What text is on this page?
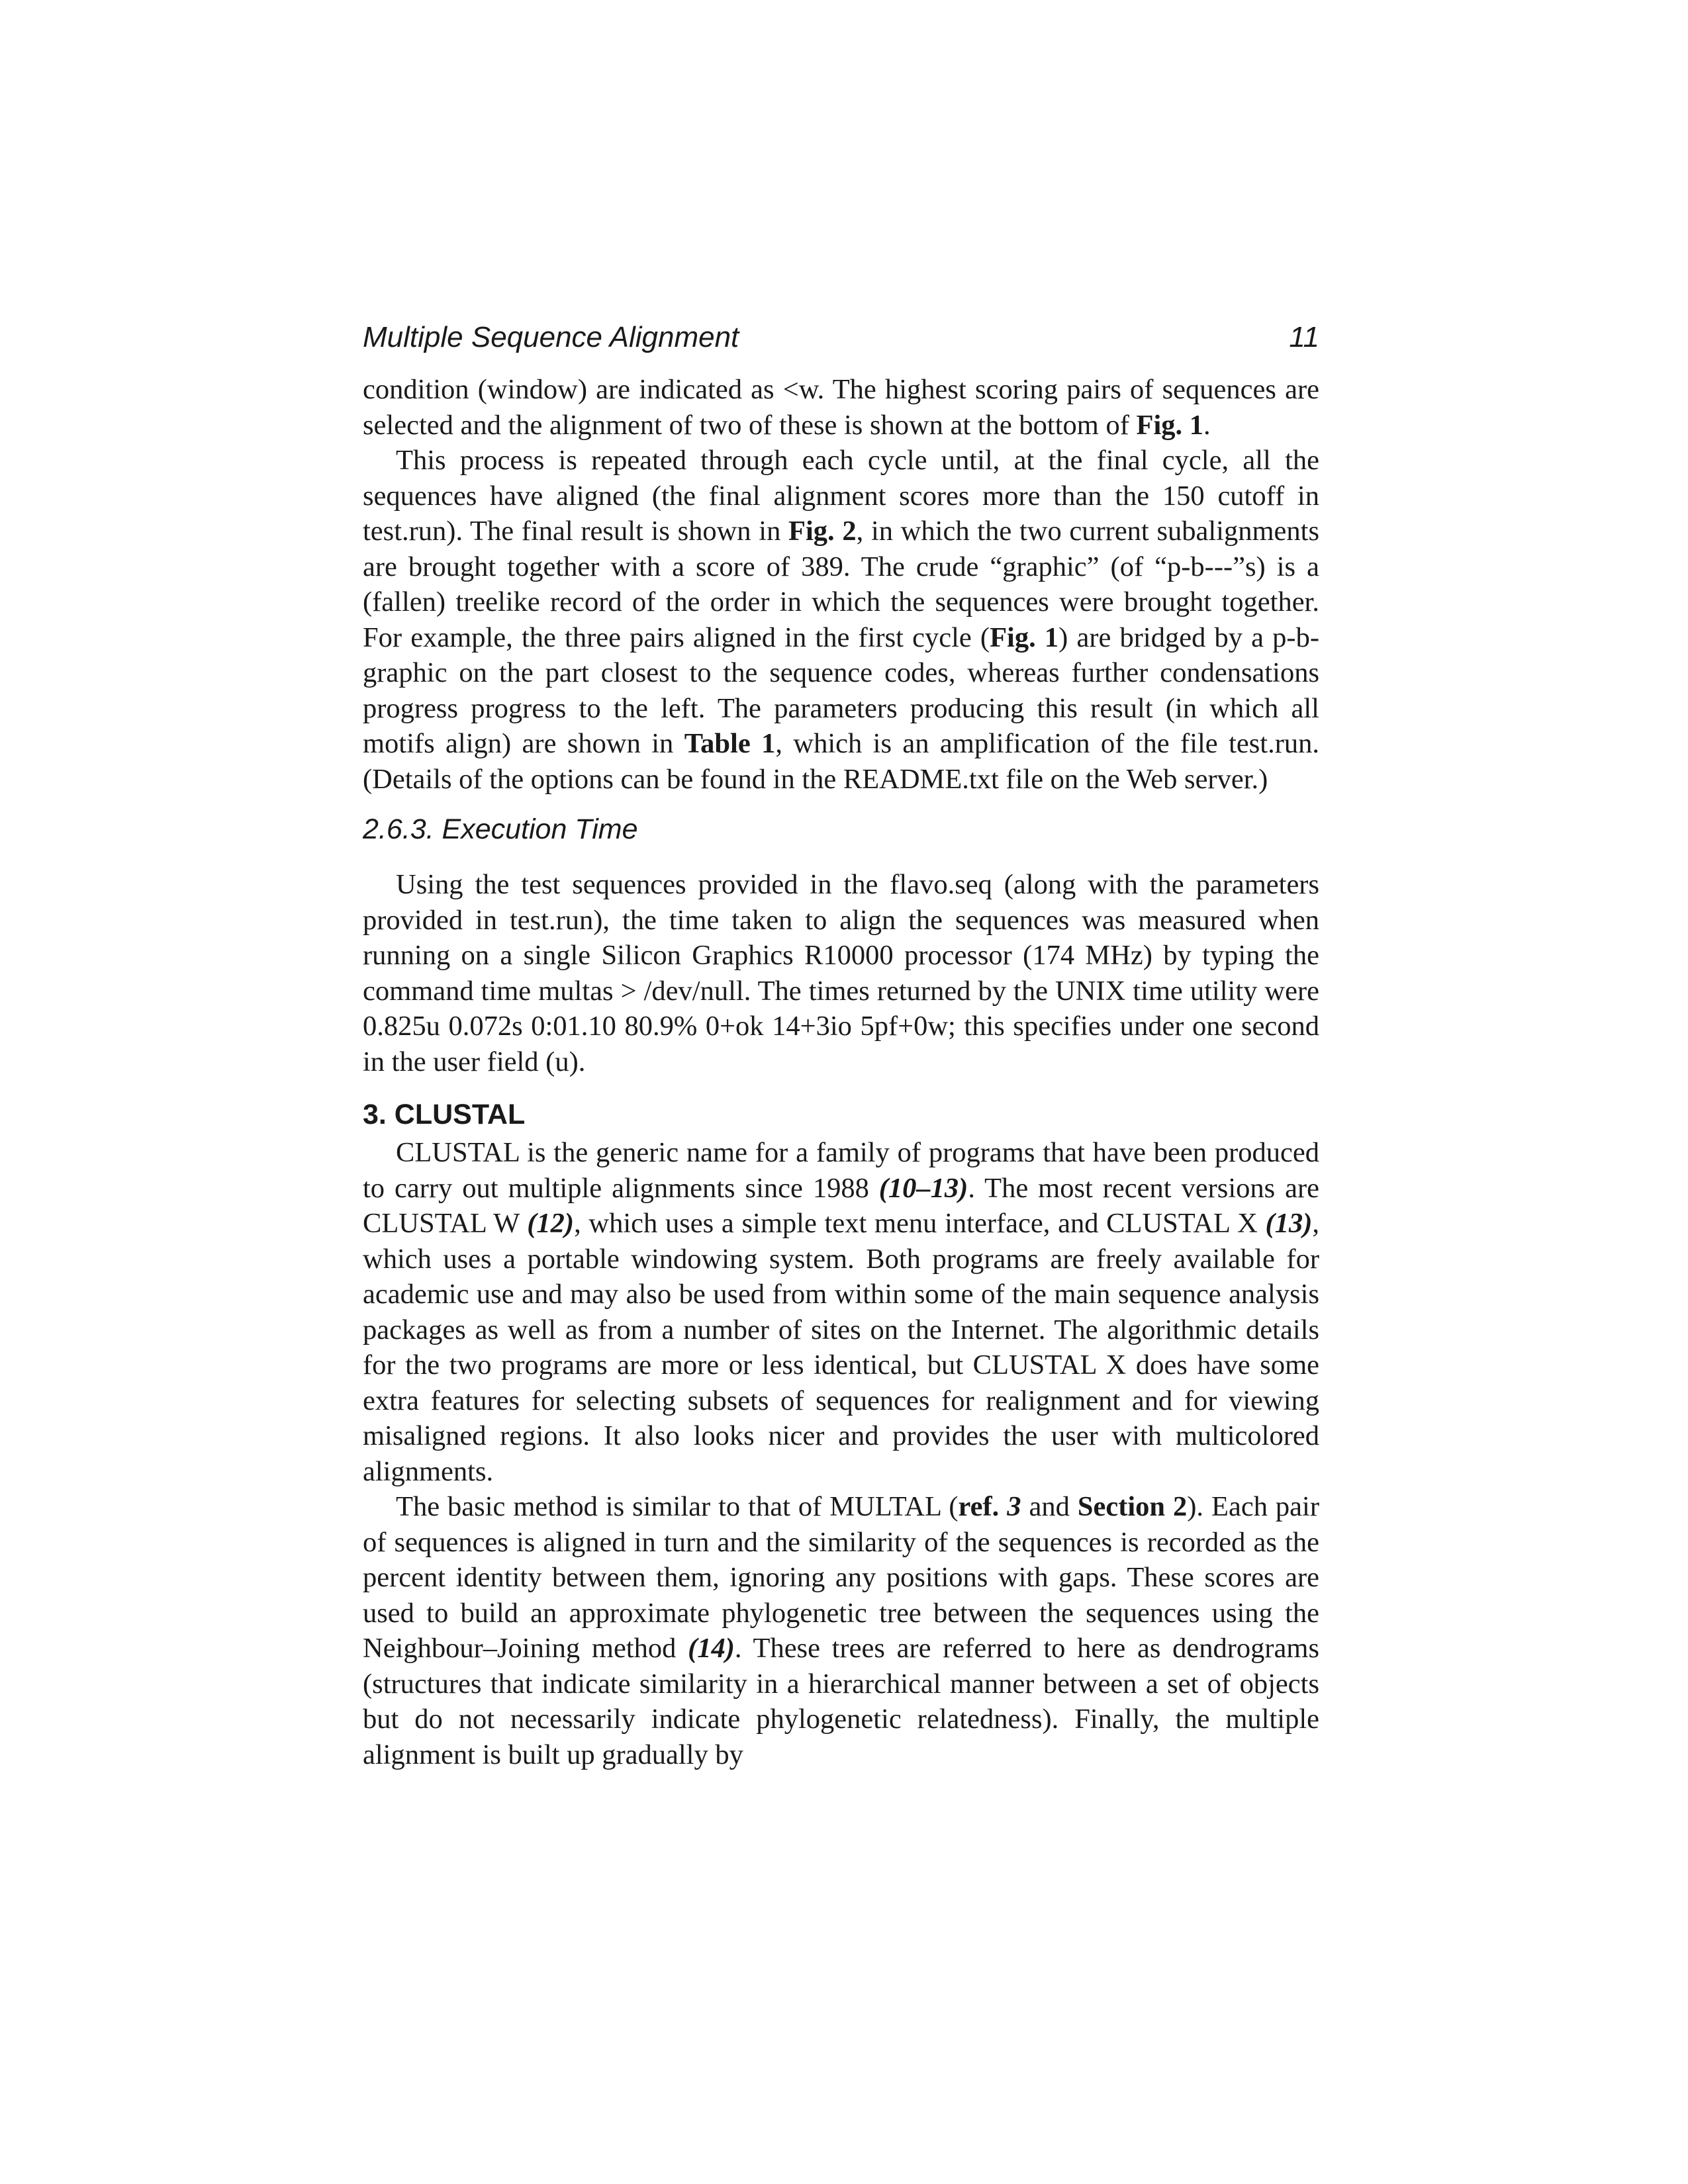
Multiple Sequence Alignment	11

condition (window) are indicated as <w. The highest scoring pairs of sequences are selected and the alignment of two of these is shown at the bottom of Fig. 1.

This process is repeated through each cycle until, at the final cycle, all the sequences have aligned (the final alignment scores more than the 150 cutoff in test.run). The final result is shown in Fig. 2, in which the two current subalignments are brought together with a score of 389. The crude “graphic” (of “p-b---”s) is a (fallen) treelike record of the order in which the sequences were brought together. For example, the three pairs aligned in the first cycle (Fig. 1) are bridged by a p-b- graphic on the part closest to the sequence codes, whereas further condensations progress progress to the left. The parameters producing this result (in which all motifs align) are shown in Table 1, which is an amplification of the file test.run. (Details of the options can be found in the README.txt file on the Web server.)

2.6.3. Execution Time

Using the test sequences provided in the flavo.seq (along with the parameters provided in test.run), the time taken to align the sequences was measured when running on a single Silicon Graphics R10000 processor (174 MHz) by typing the command time multas > /dev/null. The times returned by the UNIX time utility were 0.825u 0.072s 0:01.10 80.9% 0+ok 14+3io 5pf+0w; this specifies under one second in the user field (u).

3. CLUSTAL

CLUSTAL is the generic name for a family of programs that have been produced to carry out multiple alignments since 1988 (10–13). The most recent versions are CLUSTAL W (12), which uses a simple text menu interface, and CLUSTAL X (13), which uses a portable windowing system. Both programs are freely available for academic use and may also be used from within some of the main sequence analysis packages as well as from a number of sites on the Internet. The algorithmic details for the two programs are more or less identical, but CLUSTAL X does have some extra features for selecting subsets of sequences for realignment and for viewing misaligned regions. It also looks nicer and provides the user with multicolored alignments.

The basic method is similar to that of MULTAL (ref. 3 and Section 2). Each pair of sequences is aligned in turn and the similarity of the sequences is recorded as the percent identity between them, ignoring any positions with gaps. These scores are used to build an approximate phylogenetic tree between the sequences using the Neighbour–Joining method (14). These trees are referred to here as dendrograms (structures that indicate similarity in a hierarchical manner between a set of objects but do not necessarily indicate phylogenetic relatedness). Finally, the multiple alignment is built up gradually by
